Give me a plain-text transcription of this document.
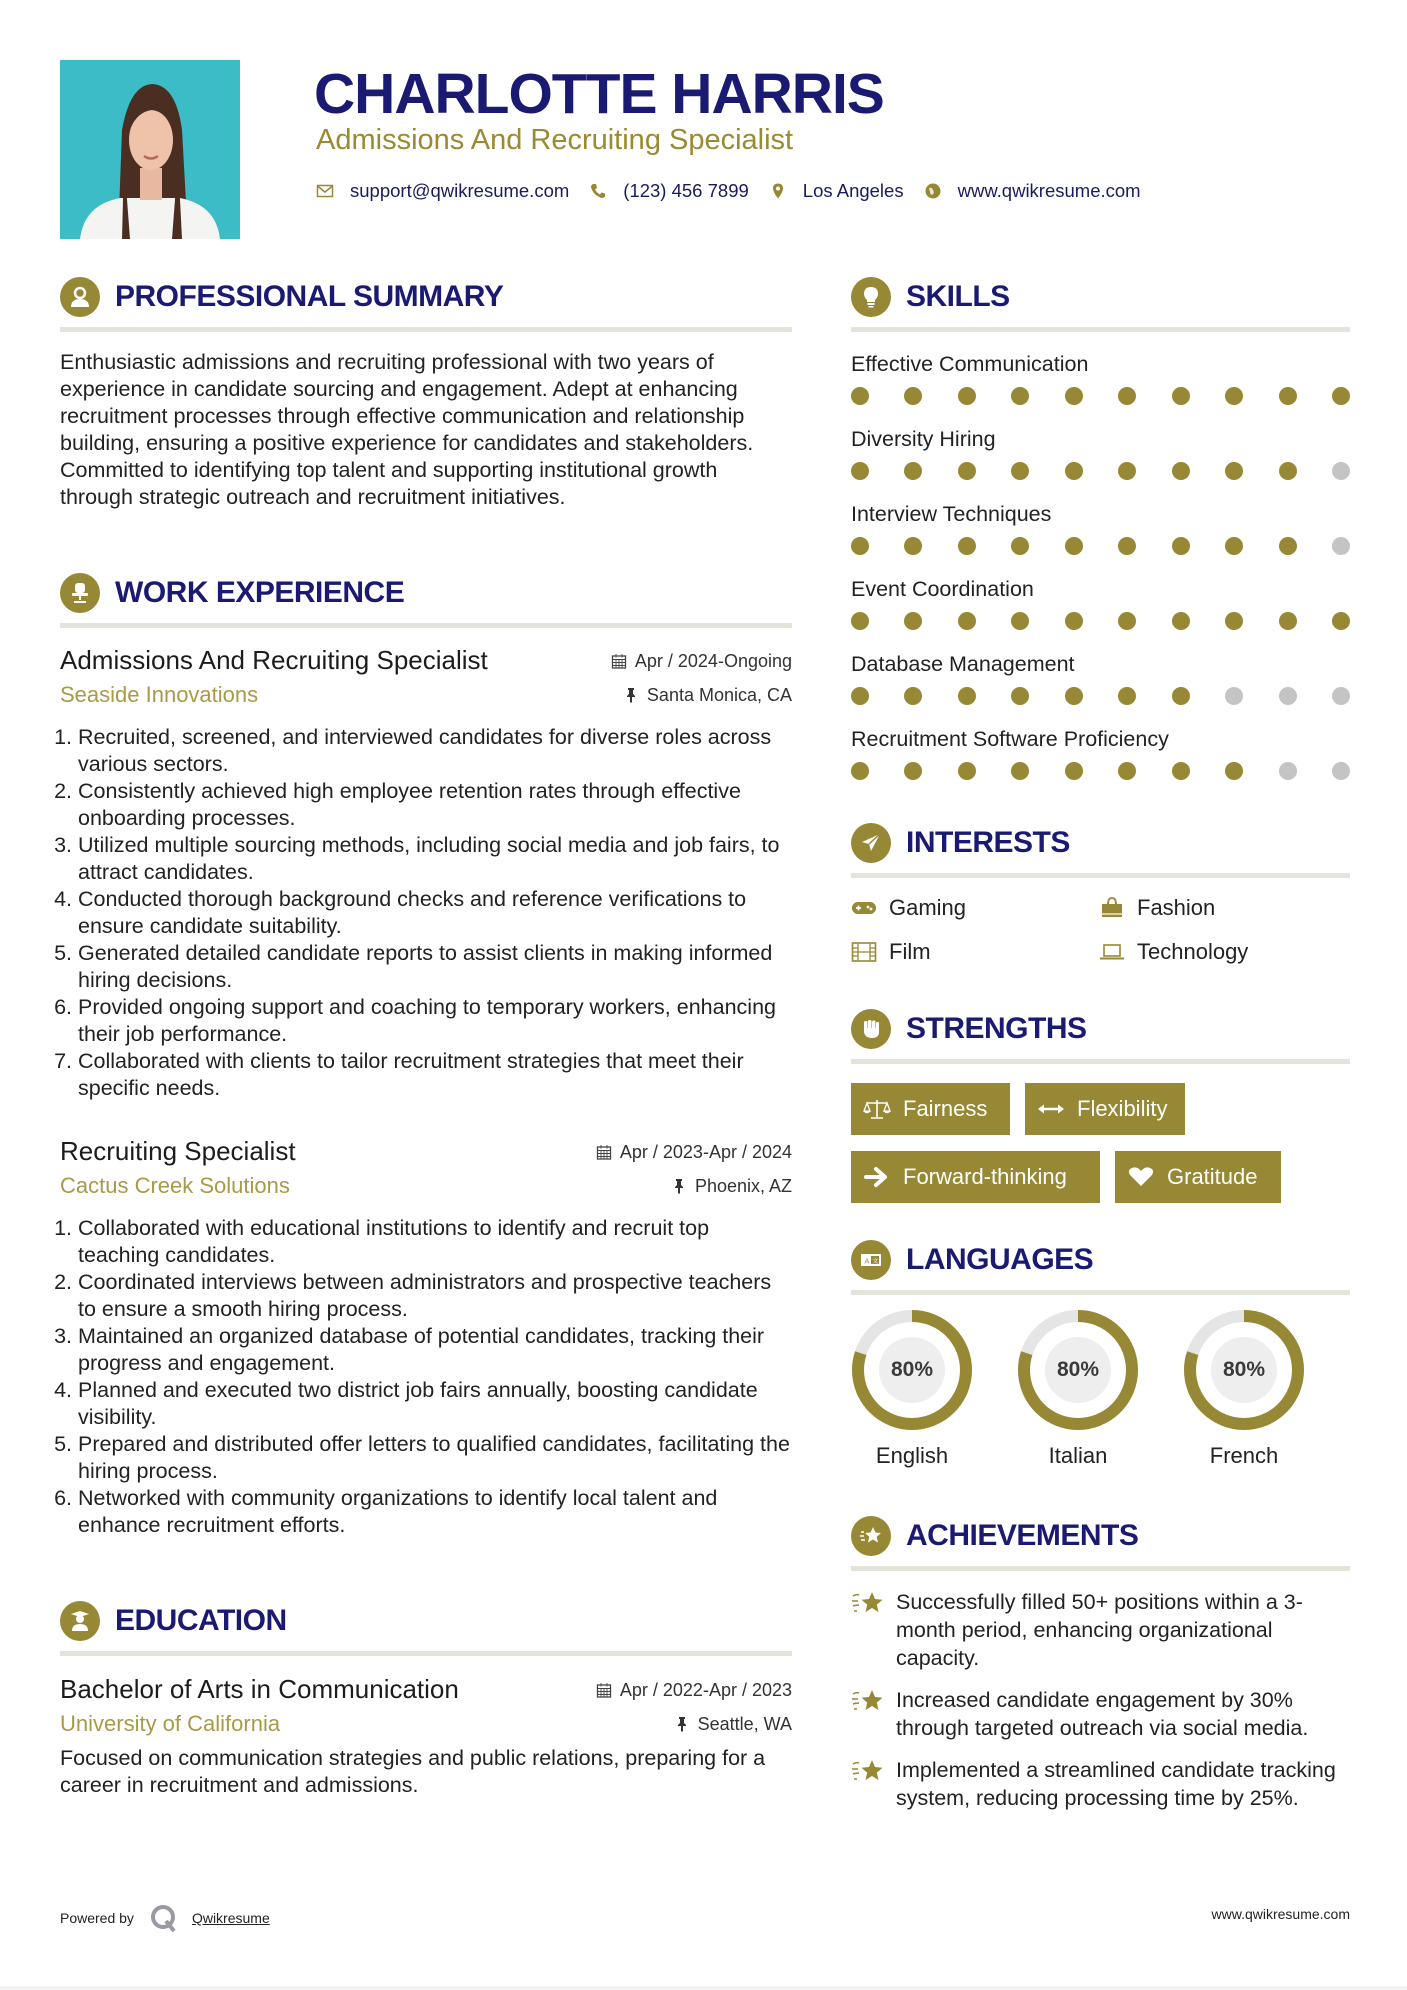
CHARLOTTE HARRIS
Admissions And Recruiting Specialist
support@qwikresume.com	(123) 456 7899	Los Angeles	www.qwikresume.com
PROFESSIONAL SUMMARY

Enthusiastic admissions and recruiting professional with two years of experience in candidate sourcing and engagement. Adept at enhancing recruitment processes through effective communication and relationship building, ensuring a positive experience for candidates and stakeholders. Committed to identifying top talent and supporting institutional growth through strategic outreach and recruitment initiatives.

WORK EXPERIENCE
Admissions And Recruiting Specialist	Apr / 2024-Ongoing
Seaside Innovations	Santa Monica, CA
1. Recruited, screened, and interviewed candidates for diverse roles across various sectors.
2. Consistently achieved high employee retention rates through effective onboarding processes.
3. Utilized multiple sourcing methods, including social media and job fairs, to attract candidates.
4. Conducted thorough background checks and reference verifications to ensure candidate suitability.
5. Generated detailed candidate reports to assist clients in making informed hiring decisions.
6. Provided ongoing support and coaching to temporary workers, enhancing their job performance.
7. Collaborated with clients to tailor recruitment strategies that meet their specific needs.
Recruiting Specialist	Apr / 2023-Apr / 2024
Cactus Creek Solutions	Phoenix, AZ
1. Collaborated with educational institutions to identify and recruit top teaching candidates.
2. Coordinated interviews between administrators and prospective teachers to ensure a smooth hiring process.
3. Maintained an organized database of potential candidates, tracking their progress and engagement.
4. Planned and executed two district job fairs annually, boosting candidate visibility.
5. Prepared and distributed offer letters to qualified candidates, facilitating the hiring process.
6. Networked with community organizations to identify local talent and enhance recruitment efforts.
EDUCATION
Bachelor of Arts in Communication	Apr / 2022-Apr / 2023
University of California	Seattle, WA

Focused on communication strategies and public relations, preparing for a career in recruitment and admissions.

SKILLS
Effective Communication
Diversity Hiring
Interview Techniques
Event Coordination
Database Management
Recruitment Software Proficiency
INTERESTS
Gaming	Fashion
Film	Technology
STRENGTHS
Fairness	Flexibility
Forward-thinking	Gratitude
A 文 LANGUAGES
80%
English
80%
Italian
80%
French
ACHIEVEMENTS
Successfully filled 50+ positions within a 3-month period, enhancing organizational capacity.
Increased candidate engagement by 30% through targeted outreach via social media.
Implemented a streamlined candidate tracking system, reducing processing time by 25%.
Powered by	Qwikresume	www.qwikresume.com
